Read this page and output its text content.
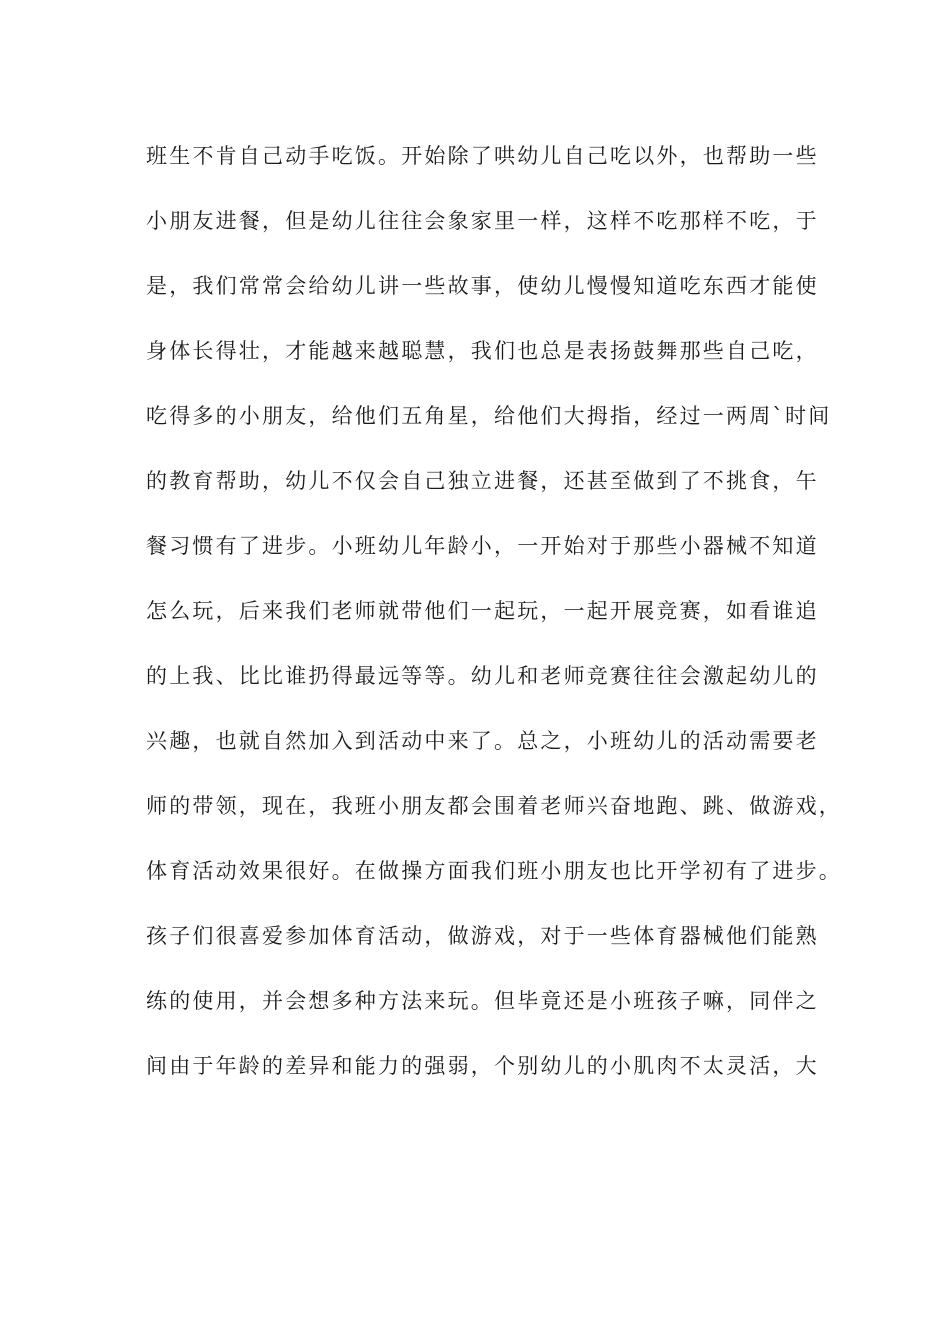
班生不肯自己动手吃饭。开始除了哄幼儿自己吃以外，也帮助一些
小朋友进餐，但是幼儿往往会象家里一样，这样不吃那样不吃，于
是，我们常常会给幼儿讲一些故事，使幼儿慢慢知道吃东西才能使
身体长得壮，才能越来越聪慧，我们也总是表扬鼓舞那些自己吃，
吃得多的小朋友，给他们五角星，给他们大拇指，经过一两周`时间
的教育帮助，幼儿不仅会自己独立进餐，还甚至做到了不挑食，午
餐习惯有了进步。小班幼儿年龄小，一开始对于那些小器械不知道
怎么玩，后来我们老师就带他们一起玩，一起开展竞赛，如看谁追
的上我、比比谁扔得最远等等。幼儿和老师竞赛往往会激起幼儿的
兴趣，也就自然加入到活动中来了。总之，小班幼儿的活动需要老
师的带领，现在，我班小朋友都会围着老师兴奋地跑、跳、做游戏，
体育活动效果很好。在做操方面我们班小朋友也比开学初有了进步。
孩子们很喜爱参加体育活动，做游戏，对于一些体育器械他们能熟
练的使用，并会想多种方法来玩。但毕竟还是小班孩子嘛，同伴之
间由于年龄的差异和能力的强弱，个别幼儿的小肌肉不太灵活，大
